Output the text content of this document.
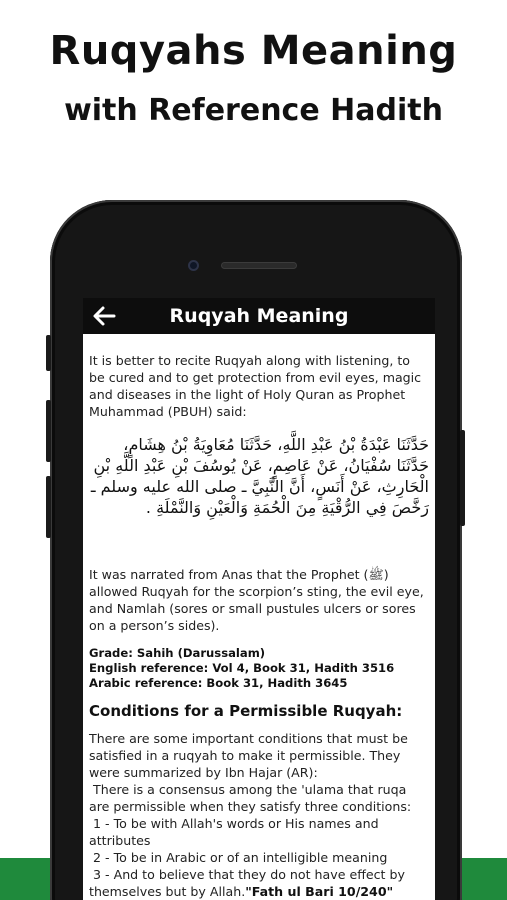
Ruqyahs Meaning
with Reference Hadith
Ruqyah Meaning

It is better to recite Ruqyah along with listening, to be cured and to get protection from evil eyes, magic and diseases in the light of Holy Quran as Prophet Muhammad (PBUH) said:

حَدَّثَنَا عَبْدَةُ بْنُ عَبْدِ اللَّهِ، حَدَّثَنَا مُعَاوِيَةُ بْنُ هِشَامٍ، حَدَّثَنَا سُفْيَانُ، عَنْ عَاصِمٍ، عَنْ يُوسُفَ بْنِ عَبْدِ اللَّهِ بْنِ الْحَارِثِ، عَنْ أَنَسٍ، أَنَّ النَّبِيَّ ـ صلى الله عليه وسلم ـ رَخَّصَ فِي الرُّقْيَةِ مِنَ الْحُمَةِ وَالْعَيْنِ وَالنَّمْلَةِ .

It was narrated from Anas that the Prophet (ﷺ) allowed Ruqyah for the scorpion’s sting, the evil eye, and Namlah (sores or small pustules ulcers or sores on a person’s sides).

Grade: Sahih (Darussalam)
English reference: Vol 4, Book 31, Hadith 3516
Arabic reference: Book 31, Hadith 3645
Conditions for a Permissible Ruqyah:
There are some important conditions that must be satisfied in a ruqyah to make it permissible. They were summarized by Ibn Hajar (AR):
There is a consensus among the 'ulama that ruqa are permissible when they satisfy three conditions:
1 - To be with Allah's words or His names and attributes
2 - To be in Arabic or of an intelligible meaning
3 - And to believe that they do not have effect by themselves but by Allah."Fath ul Bari 10/240"
